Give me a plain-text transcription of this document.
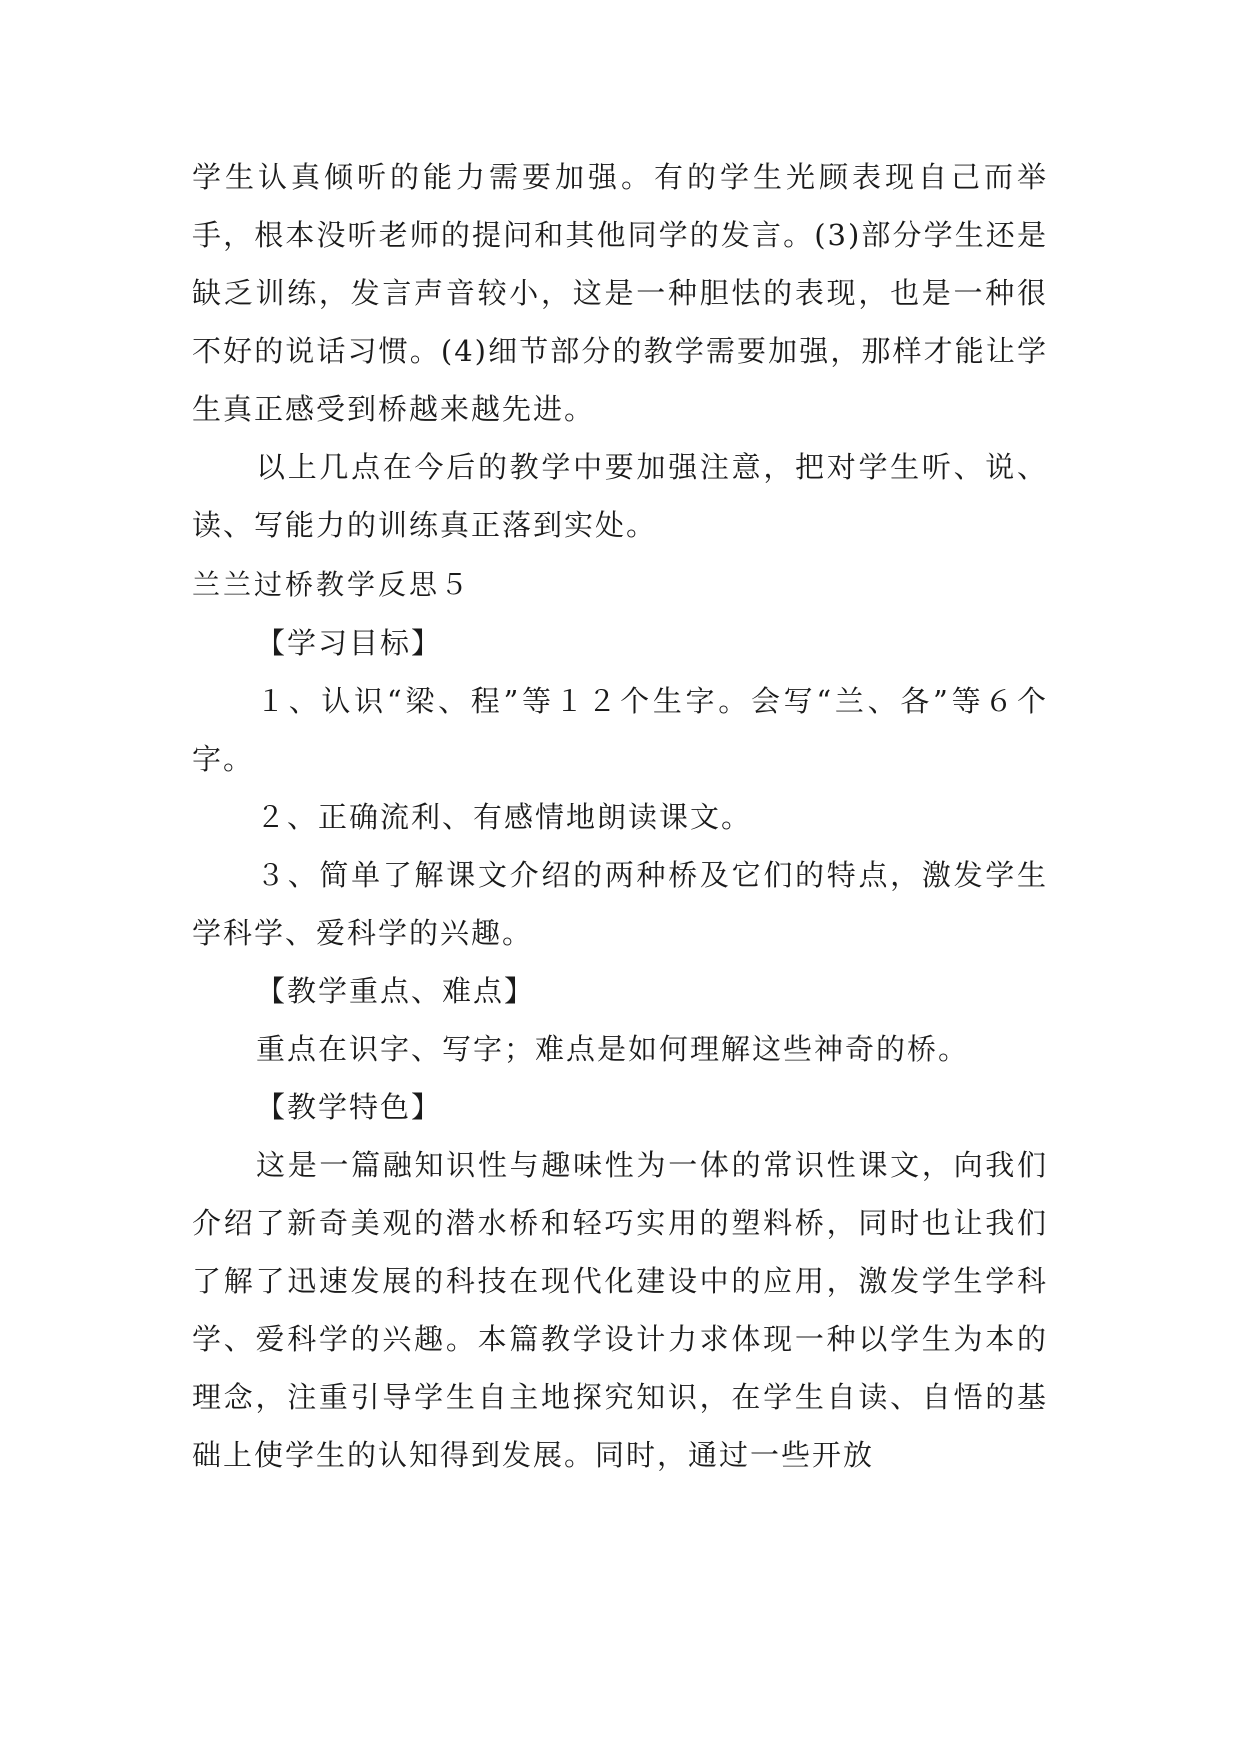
学生认真倾听的能力需要加强。有的学生光顾表现自己而举手，根本没听老师的提问和其他同学的发言。(3)部分学生还是缺乏训练，发言声音较小，这是一种胆怯的表现，也是一种很不好的说话习惯。(4)细节部分的教学需要加强，那样才能让学生真正感受到桥越来越先进。

以上几点在今后的教学中要加强注意，把对学生听、说、读、写能力的训练真正落到实处。

兰兰过桥教学反思５

【学习目标】

１、认识“梁、程”等１２个生字。会写“兰、各”等６个字。

２、正确流利、有感情地朗读课文。

３、简单了解课文介绍的两种桥及它们的特点，激发学生学科学、爱科学的兴趣。

【教学重点、难点】

重点在识字、写字；难点是如何理解这些神奇的桥。

【教学特色】

这是一篇融知识性与趣味性为一体的常识性课文，向我们介绍了新奇美观的潜水桥和轻巧实用的塑料桥，同时也让我们了解了迅速发展的科技在现代化建设中的应用，激发学生学科学、爱科学的兴趣。本篇教学设计力求体现一种以学生为本的理念，注重引导学生自主地探究知识，在学生自读、自悟的基础上使学生的认知得到发展。同时，通过一些开放
